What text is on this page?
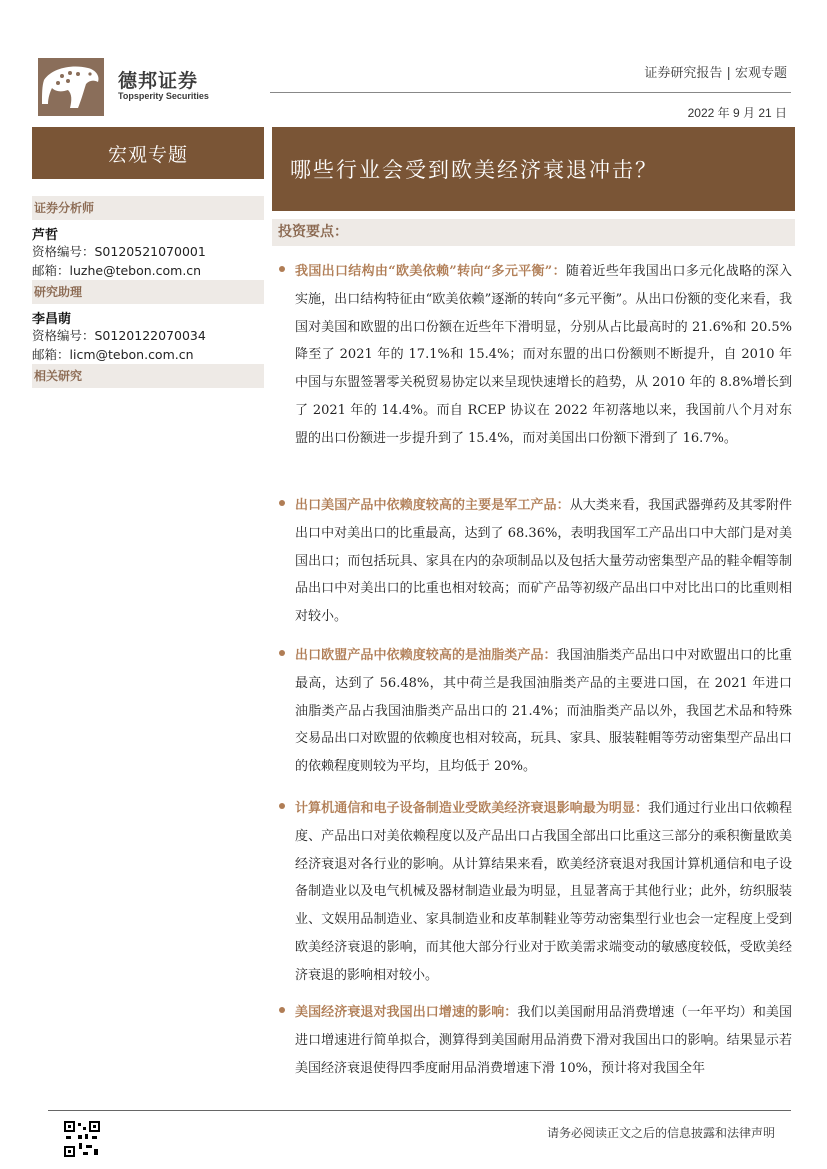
德邦证券
Topsperity Securities
证券研究报告 | 宏观专题
2022 年 9 月 21 日
宏观专题
证券分析师
芦哲
资格编号：S0120521070001
邮箱：luzhe@tebon.com.cn
研究助理
李昌萌
资格编号：S0120122070034
邮箱：licm@tebon.com.cn
相关研究
哪些行业会受到欧美经济衰退冲击？
投资要点：
我国出口结构由“欧美依赖”转向“多元平衡”：随着近些年我国出口多元化战略的深入实施，出口结构特征由“欧美依赖”逐渐的转向“多元平衡”。从出口份额的变化来看，我国对美国和欧盟的出口份额在近些年下滑明显，分别从占比最高时的 21.6%和 20.5%降至了 2021 年的 17.1%和 15.4%；而对东盟的出口份额则不断提升，自 2010 年中国与东盟签署零关税贸易协定以来呈现快速增长的趋势，从 2010 年的 8.8%增长到了 2021 年的 14.4%。而自 RCEP 协议在 2022 年初落地以来，我国前八个月对东盟的出口份额进一步提升到了 15.4%，而对美国出口份额下滑到了 16.7%。
出口美国产品中依赖度较高的主要是军工产品：从大类来看，我国武器弹药及其零附件出口中对美出口的比重最高，达到了 68.36%，表明我国军工产品出口中大部门是对美国出口；而包括玩具、家具在内的杂项制品以及包括大量劳动密集型产品的鞋伞帽等制品出口中对美出口的比重也相对较高；而矿产品等初级产品出口中对比出口的比重则相对较小。
出口欧盟产品中依赖度较高的是油脂类产品：我国油脂类产品出口中对欧盟出口的比重最高，达到了 56.48%，其中荷兰是我国油脂类产品的主要进口国，在 2021 年进口油脂类产品占我国油脂类产品出口的 21.4%；而油脂类产品以外，我国艺术品和特殊交易品出口对欧盟的依赖度也相对较高，玩具、家具、服装鞋帽等劳动密集型产品出口的依赖程度则较为平均，且均低于 20%。
计算机通信和电子设备制造业受欧美经济衰退影响最为明显：我们通过行业出口依赖程度、产品出口对美依赖程度以及产品出口占我国全部出口比重这三部分的乘积衡量欧美经济衰退对各行业的影响。从计算结果来看，欧美经济衰退对我国计算机通信和电子设备制造业以及电气机械及器材制造业最为明显，且显著高于其他行业；此外，纺织服装业、文娱用品制造业、家具制造业和皮革制鞋业等劳动密集型行业也会一定程度上受到欧美经济衰退的影响，而其他大部分行业对于欧美需求端变动的敏感度较低，受欧美经济衰退的影响相对较小。
美国经济衰退对我国出口增速的影响：我们以美国耐用品消费增速（一年平均）和美国进口增速进行简单拟合，测算得到美国耐用品消费下滑对我国出口的影响。结果显示若美国经济衰退使得四季度耐用品消费增速下滑 10%，预计将对我国全年
请务必阅读正文之后的信息披露和法律声明
